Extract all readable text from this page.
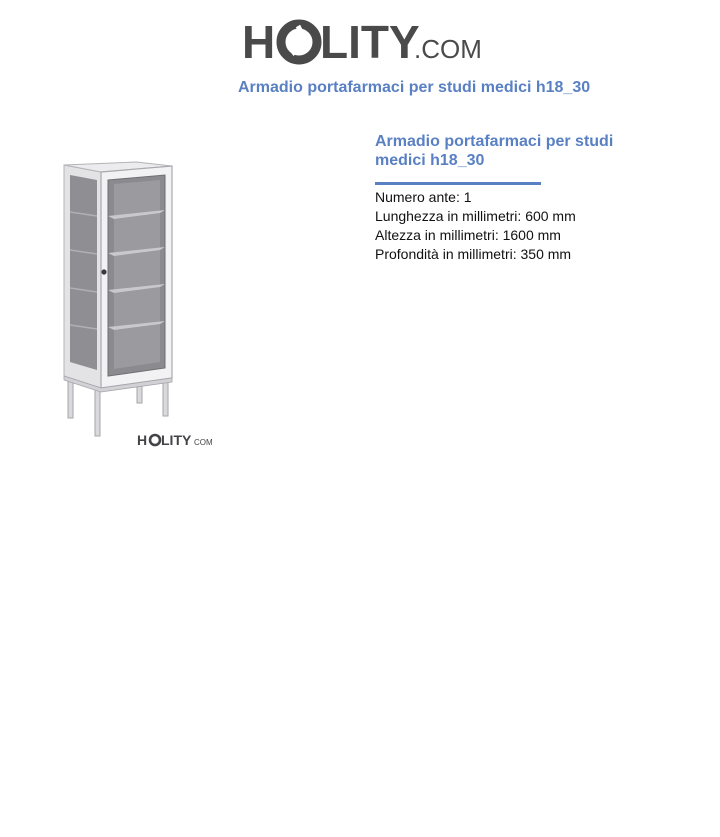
H LITY
.COM
Armadio portafarmaci per studi medici h18_30
H LITY COM
Armadio portafarmaci per studi medici h18_30
Numero ante: 1
Lunghezza in millimetri: 600 mm
Altezza in millimetri: 1600 mm
Profondità in millimetri: 350 mm
